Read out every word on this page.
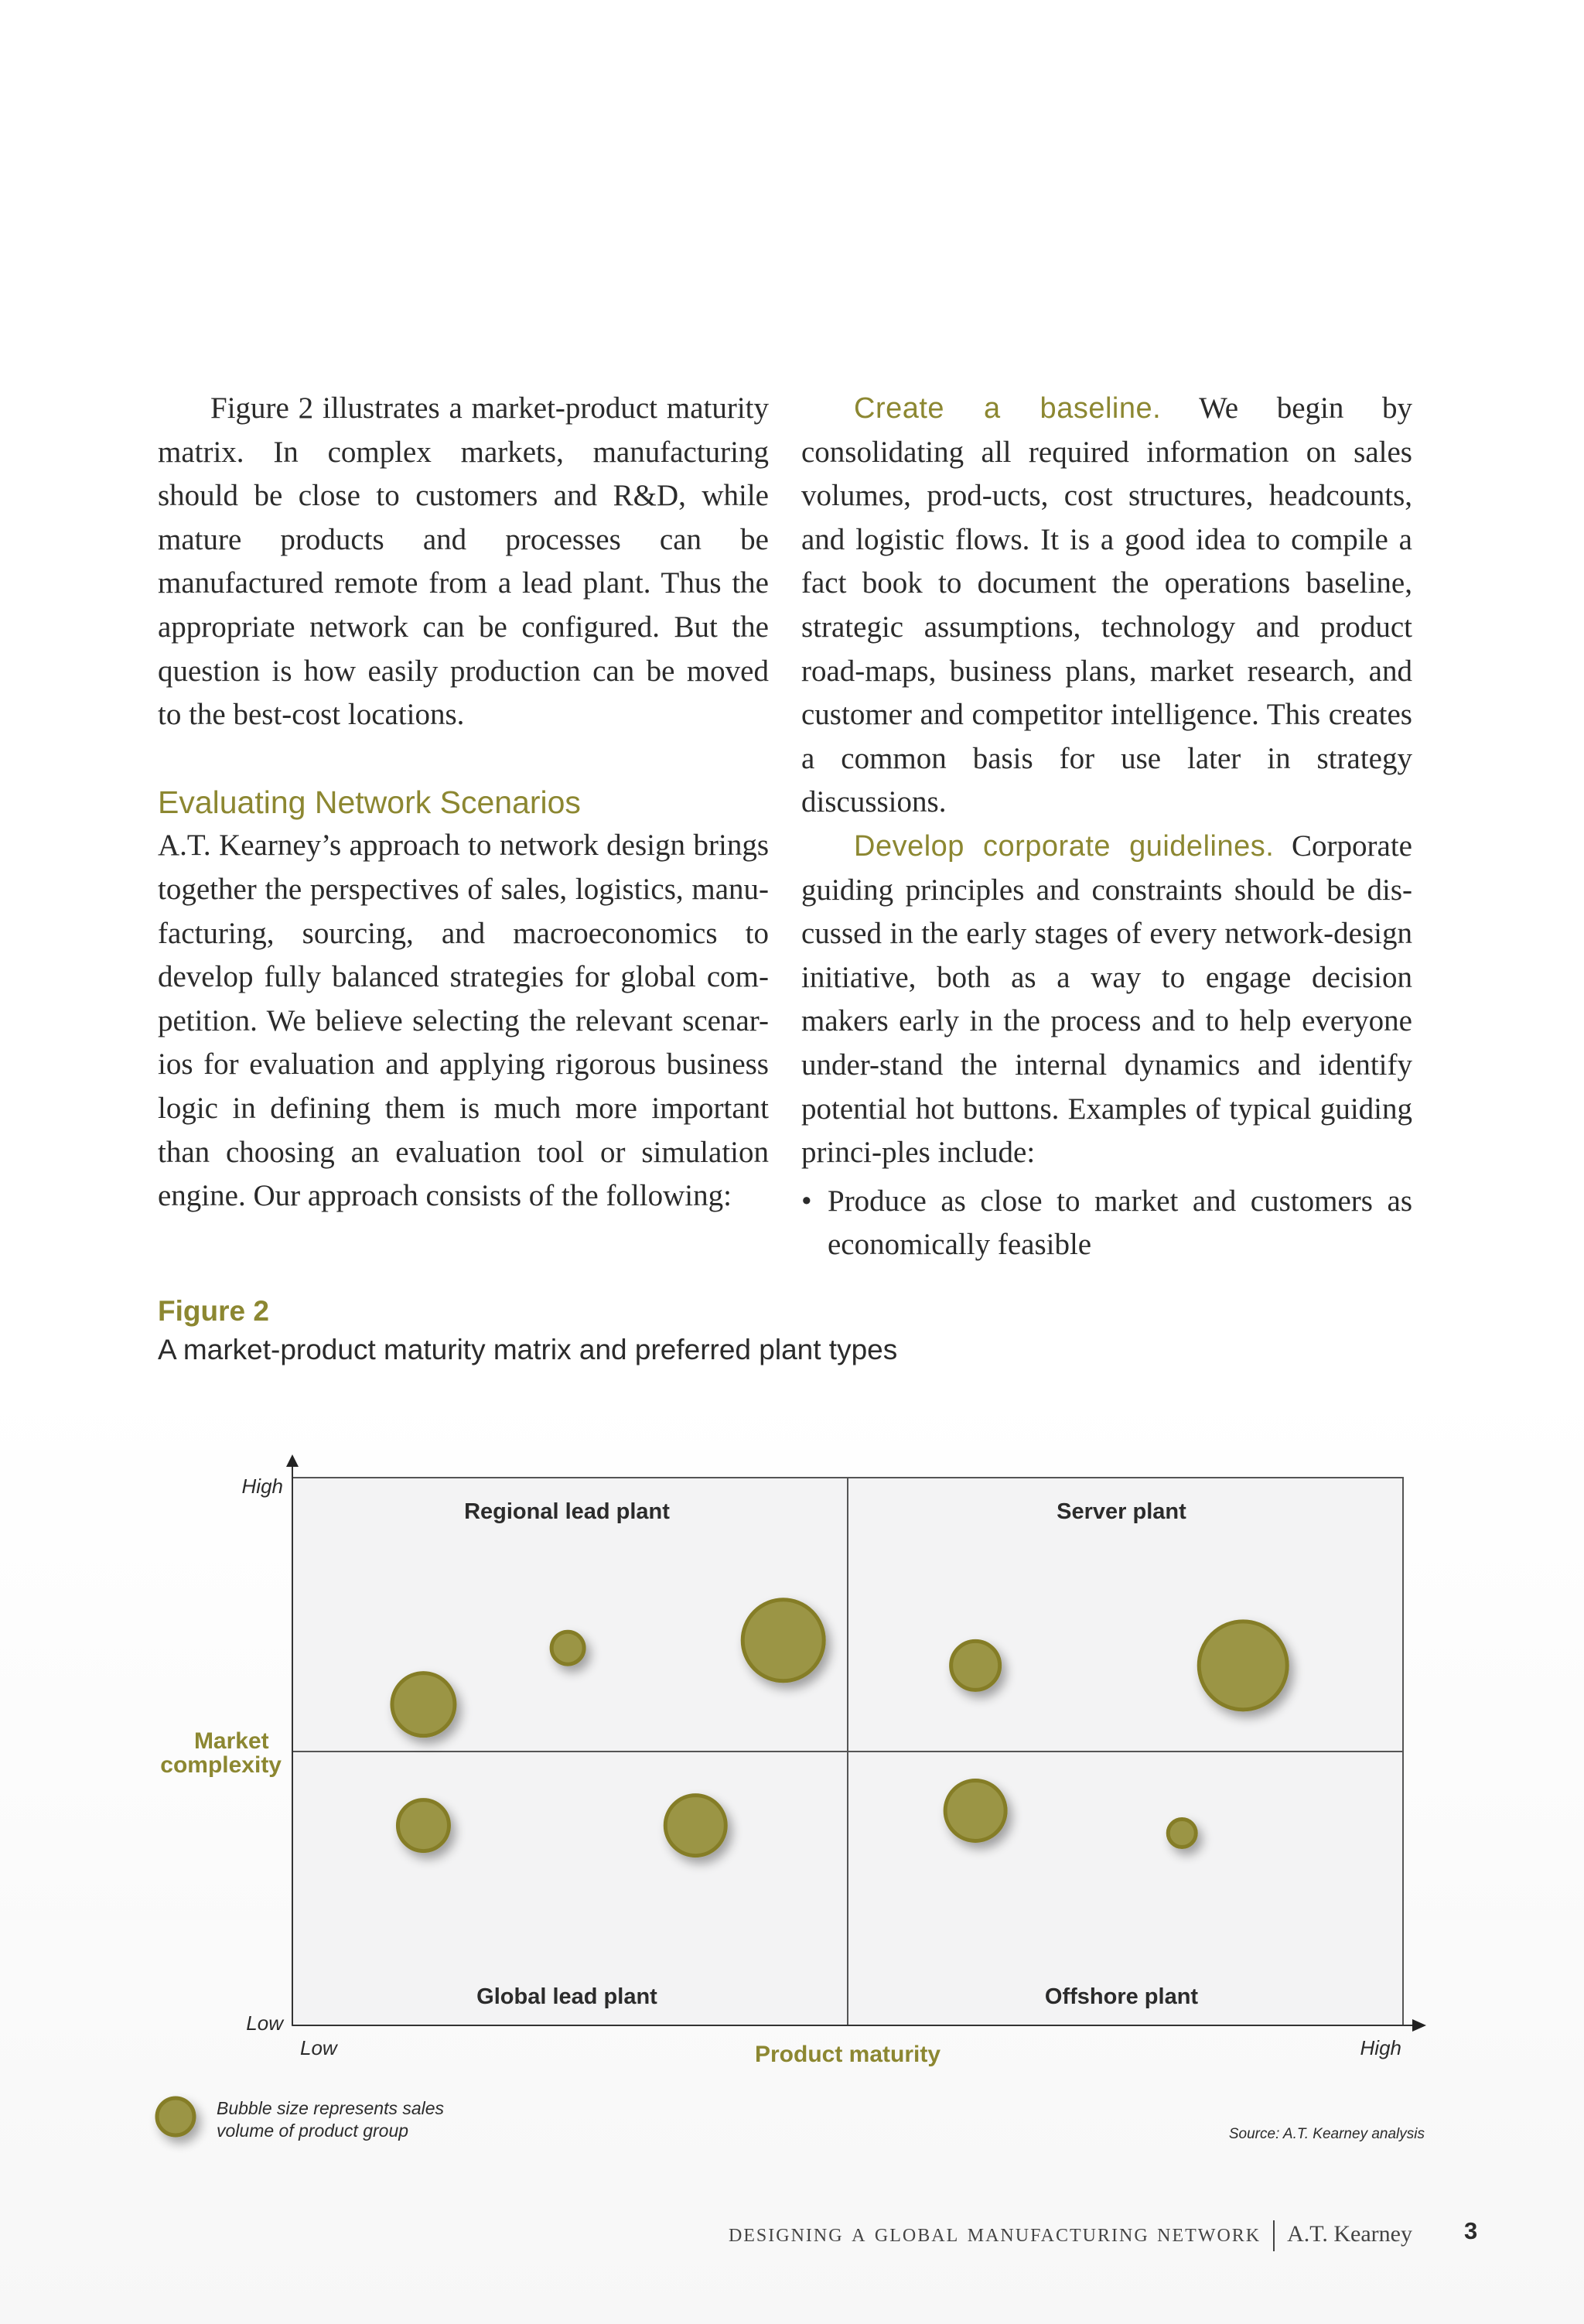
Figure 2 illustrates a market-product maturity matrix. In complex markets, manufacturing should be close to customers and R&D, while mature products and processes can be manufactured remote from a lead plant. Thus the appropriate network can be configured. But the question is how easily production can be moved to the best-cost locations.

Evaluating Network Scenarios

A.T. Kearney’s approach to network design brings together the perspectives of sales, logistics, manu-facturing, sourcing, and macroeconomics to develop fully balanced strategies for global com-petition. We believe selecting the relevant scenar-ios for evaluation and applying rigorous business logic in defining them is much more important than choosing an evaluation tool or simulation engine. Our approach consists of the following:

Create a baseline. We begin by consolidating all required information on sales volumes, prod-ucts, cost structures, headcounts, and logistic flows. It is a good idea to compile a fact book to document the operations baseline, strategic assumptions, technology and product road-maps, business plans, market research, and customer and competitor intelligence. This creates a common basis for use later in strategy discussions.

Develop corporate guidelines. Corporate guiding principles and constraints should be dis-cussed in the early stages of every network-design initiative, both as a way to engage decision makers early in the process and to help everyone under-stand the internal dynamics and identify potential hot buttons. Examples of typical guiding princi-ples include:

• Produce as close to market and customers as economically feasible
Figure 2
A market-product maturity matrix and preferred plant types
Regional lead plant	Server plant
Global lead plant	Offshore plant
High
Low
Low	High
Market complexity
Product maturity
Bubble size represents sales
volume of product group	Source: A.T. Kearney analysis
designing a global manufacturing network A.T. Kearney 3
